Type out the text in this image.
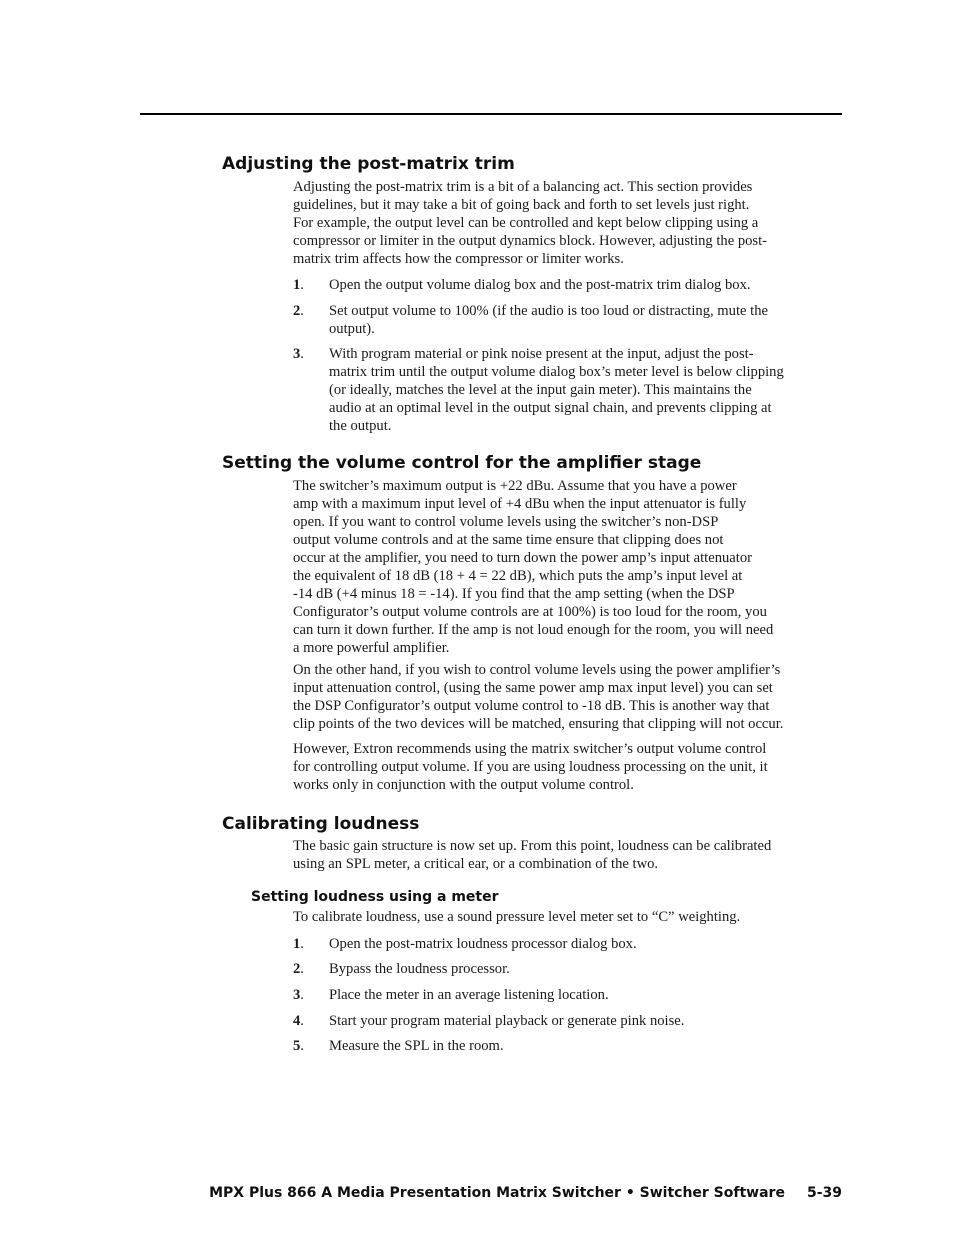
Adjusting the post-matrix trim
Adjusting the post-matrix trim is a bit of a balancing act. This section provides
guidelines, but it may take a bit of going back and forth to set levels just right.
For example, the output level can be controlled and kept below clipping using a
compressor or limiter in the output dynamics block. However, adjusting the post-
matrix trim affects how the compressor or limiter works.
1. Open the output volume dialog box and the post-matrix trim dialog box.
2. Set output volume to 100% (if the audio is too loud or distracting, mute the
output).
3. With program material or pink noise present at the input, adjust the post-
matrix trim until the output volume dialog box’s meter level is below clipping
(or ideally, matches the level at the input gain meter). This maintains the
audio at an optimal level in the output signal chain, and prevents clipping at
the output.
Setting the volume control for the amplifier stage
The switcher’s maximum output is +22 dBu. Assume that you have a power
amp with a maximum input level of +4 dBu when the input attenuator is fully
open. If you want to control volume levels using the switcher’s non-DSP
output volume controls and at the same time ensure that clipping does not
occur at the amplifier, you need to turn down the power amp’s input attenuator
the equivalent of 18 dB (18 + 4 = 22 dB), which puts the amp’s input level at
-14 dB (+4 minus 18 = -14). If you find that the amp setting (when the DSP
Configurator’s output volume controls are at 100%) is too loud for the room, you
can turn it down further. If the amp is not loud enough for the room, you will need
a more powerful amplifier.
On the other hand, if you wish to control volume levels using the power amplifier’s
input attenuation control, (using the same power amp max input level) you can set
the DSP Configurator’s output volume control to -18 dB. This is another way that
clip points of the two devices will be matched, ensuring that clipping will not occur.
However, Extron recommends using the matrix switcher’s output volume control
for controlling output volume. If you are using loudness processing on the unit, it
works only in conjunction with the output volume control.
Calibrating loudness
The basic gain structure is now set up. From this point, loudness can be calibrated
using an SPL meter, a critical ear, or a combination of the two.
Setting loudness using a meter
To calibrate loudness, use a sound pressure level meter set to “C” weighting.
1. Open the post-matrix loudness processor dialog box.
2. Bypass the loudness processor.
3. Place the meter in an average listening location.
4. Start your program material playback or generate pink noise.
5. Measure the SPL in the room.
MPX Plus 866 A Media Presentation Matrix Switcher • Switcher Software 5-39
